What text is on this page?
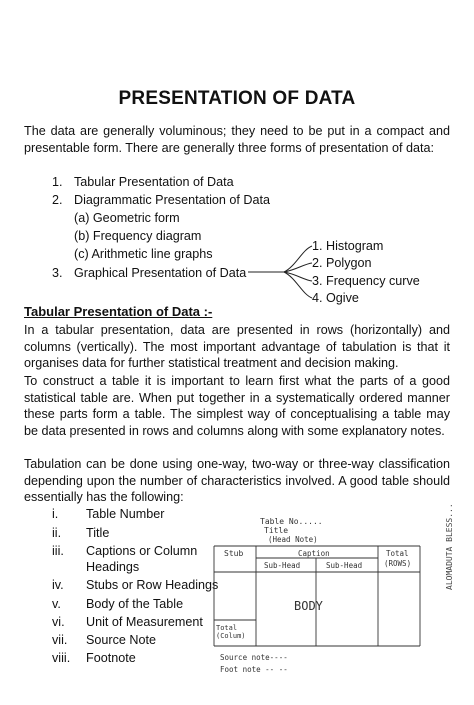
PRESENTATION OF DATA
The data are generally voluminous; they need to be put in a compact and presentable form. There are generally three forms of presentation of data:
1. Tabular Presentation of Data
2. Diagrammatic Presentation of Data
(a) Geometric form
(b) Frequency diagram
(c) Arithmetic line graphs
3. Graphical Presentation of Data
1. Histogram
2. Polygon
3. Frequency curve
4. Ogive
Tabular Presentation of Data :-
In a tabular presentation, data are presented in rows (horizontally) and columns (vertically). The most important advantage of tabulation is that it organises data for further statistical treatment and decision making.
To construct a table it is important to learn first what the parts of a good statistical table are. When put together in a systematically ordered manner these parts form a table. The simplest way of conceptualising a table may be data presented in rows and columns along with some explanatory notes.
Tabulation can be done using one-way, two-way or three-way classification depending upon the number of characteristics involved. A good table should essentially has the following:
i. Table Number
ii. Title
iii. Captions or Column
Headings
iv. Stubs or Row Headings
v. Body of the Table
vi. Unit of Measurement
vii. Source Note
viii. Footnote
Table No.....
Title
(Head Note)
Stub	Caption
Sub-Head	Sub-Head
Total
(ROWS)
BODY
Total
(Colum)
Source note----
Foot note -- --
ALOMADUTA BLESS...
